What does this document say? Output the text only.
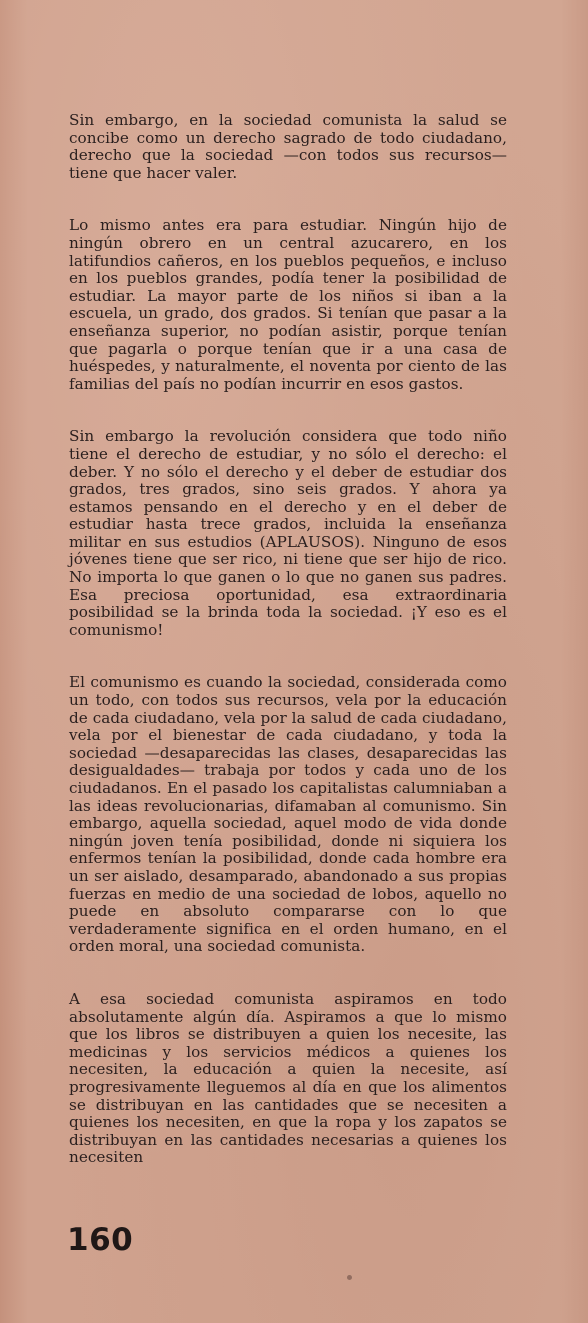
Sin embargo, en la sociedad comunista la salud se concibe como un derecho sagrado de todo ciudadano, derecho que la sociedad —con todos sus recursos— tiene que hacer valer.

Lo mismo antes era para estudiar. Ningún hijo de ningún obrero en un central azucarero, en los latifundios cañeros, en los pueblos pequeños, e incluso en los pueblos grandes, podía tener la posibilidad de estudiar. La mayor parte de los niños si iban a la escuela, un grado, dos grados. Si tenían que pasar a la enseñanza superior, no podían asistir, porque tenían que pagarla o porque tenían que ir a una casa de huéspedes, y naturalmente, el noventa por ciento de las familias del país no podían incurrir en esos gastos.

Sin embargo la revolución considera que todo niño tiene el derecho de estudiar, y no sólo el derecho: el deber. Y no sólo el derecho y el deber de estudiar dos grados, tres grados, sino seis grados. Y ahora ya estamos pensando en el derecho y en el deber de estudiar hasta trece grados, incluida la enseñanza militar en sus estudios (APLAUSOS). Ninguno de esos jóvenes tiene que ser rico, ni tiene que ser hijo de rico. No importa lo que ganen o lo que no ganen sus padres. Esa preciosa oportunidad, esa extraordinaria posibilidad se la brinda toda la sociedad. ¡Y eso es el comunismo!

El comunismo es cuando la sociedad, considerada como un todo, con todos sus recursos, vela por la educación de cada ciudadano, vela por la salud de cada ciudadano, vela por el bienestar de cada ciudadano, y toda la sociedad —desaparecidas las clases, desaparecidas las desigualdades— trabaja por todos y cada uno de los ciudadanos. En el pasado los capitalistas calumniaban a las ideas revolucionarias, difamaban al comunismo. Sin embargo, aquella sociedad, aquel modo de vida donde ningún joven tenía posibilidad, donde ni siquiera los enfermos tenían la posibilidad, donde cada hombre era un ser aislado, desamparado, abandonado a sus propias fuerzas en medio de una sociedad de lobos, aquello no puede en absoluto compararse con lo que verdaderamente significa en el orden humano, en el orden moral, una sociedad comunista.

A esa sociedad comunista aspiramos en todo absolutamente algún día. Aspiramos a que lo mismo que los libros se distribuyen a quien los necesite, las medicinas y los servicios médicos a quienes los necesiten, la educación a quien la necesite, así progresivamente lleguemos al día en que los alimentos se distribuyan en las cantidades que se necesiten a quienes los necesiten, en que la ropa y los zapatos se distribuyan en las cantidades necesarias a quienes los necesiten

160
